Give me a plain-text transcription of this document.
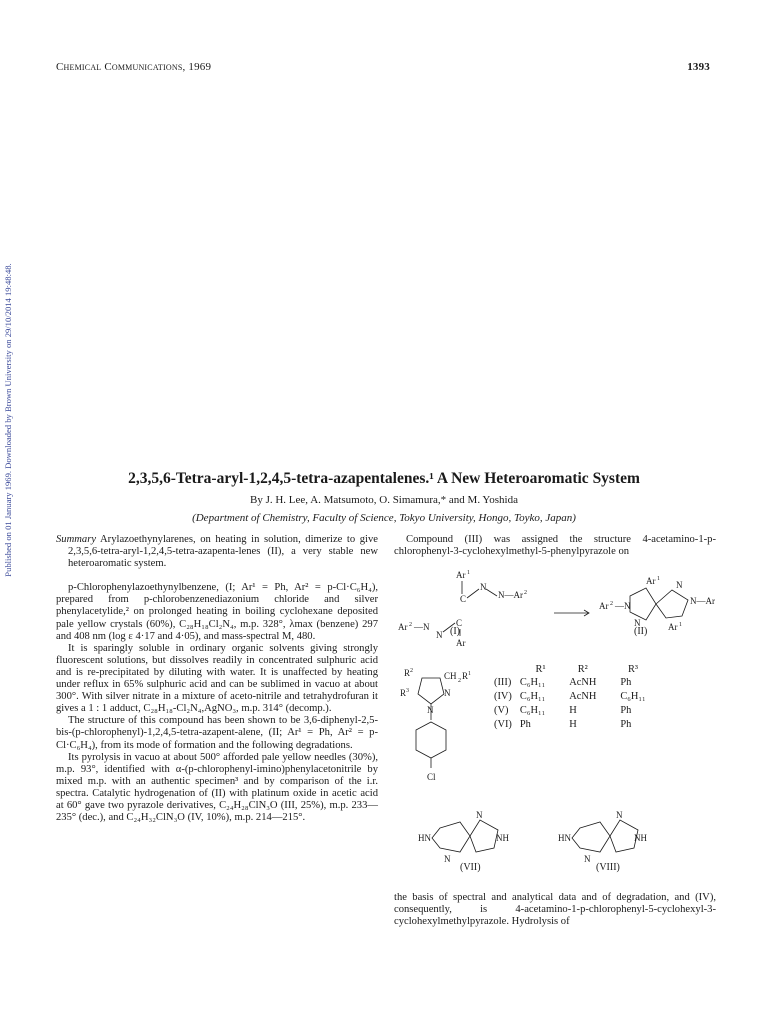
Chemical Communications, 1969	1393
Published on 01 January 1969. Downloaded by Brown University on 29/10/2014 19:48:48.	2,3,5,6-Tetra-aryl-1,2,4,5-tetra-azapentalenes.¹ A New Heteroaromatic System
By J. H. Lee, A. Matsumoto, O. Simamura,* and M. Yoshida
(Department of Chemistry, Faculty of Science, Tokyo University, Hongo, Toyko, Japan)

Summary Arylazoethynylarenes, on heating in solution, dimerize to give 2,3,5,6-tetra-aryl-1,2,4,5-tetra-azapenta-lenes (II), a very stable new heteroaromatic system.

p-Chlorophenylazoethynylbenzene, (I; Ar¹ = Ph, Ar² = p-Cl·C₆H₄), prepared from p-chlorobenzenediazonium chloride and silver phenylacetylide,² on prolonged heating in boiling cyclohexane deposited pale yellow crystals (60%), C₂₈H₁₈Cl₂N₄, m.p. 328°, λmax (benzene) 297 and 408 nm (log ε 4·17 and 4·05), and mass-spectral M, 480.

It is sparingly soluble in ordinary organic solvents giving strongly fluorescent solutions, but dissolves readily in concentrated sulphuric acid and is re-precipitated by diluting with water. It is unaffected by heating under reflux in 65% sulphuric acid and can be sublimed in vacuo at about 300°. With silver nitrate in a mixture of aceto-nitrile and tetrahydrofuran it gives a 1 : 1 adduct, C₂₈H₁₈-Cl₂N₄,AgNO₃, m.p. 314° (decomp.).

The structure of this compound has been shown to be 3,6-diphenyl-2,5-bis-(p-chlorophenyl)-1,2,4,5-tetra-azapent-alene, (II; Ar¹ = Ph, Ar² = p-Cl·C₆H₄), from its mode of formation and the following degradations.

Its pyrolysis in vacuo at about 500° afforded pale yellow needles (30%), m.p. 93°, identified with α-(p-chlorophenyl-imino)phenylacetonitrile by mixed m.p. with an authentic specimen³ and by comparison of the i.r. spectra. Catalytic hydrogenation of (II) with platinum oxide in acetic acid at 60° gave two pyrazole derivatives, C₂₄H₂₈ClN₃O (III, 25%), m.p. 233—235° (dec.), and C₂₄H₃₂ClN₃O (IV, 10%), m.p. 214—215°.

Compound (III) was assigned the structure 4-acetamino-1-p-chlorophenyl-3-cyclohexylmethyl-5-phenylpyrazole on

Ar 1
C
N
N—Ar 2
Ar 2 —N
N
C
Ar
Ar 2 —N
Ar 1
N
N—Ar
N	Ar 1
(I)	(II)
R 2	CH 2 R 1
R 3
N
N
Cl
	R¹	R²	R³
(III)	C₆H₁₁	AcNH	Ph
(IV)	C₆H₁₁	AcNH	C₆H₁₁
(V)	C₆H₁₁	H	Ph
(VI)	Ph	H	Ph
HN
N
N
NH	HN
N
N
NH
(VII)	(VIII)

the basis of spectral and analytical data and of degradation, and (IV), consequently, is 4-acetamino-1-p-chlorophenyl-5-cyclohexyl-3-cyclohexylmethylpyrazole. Hydrolysis of
